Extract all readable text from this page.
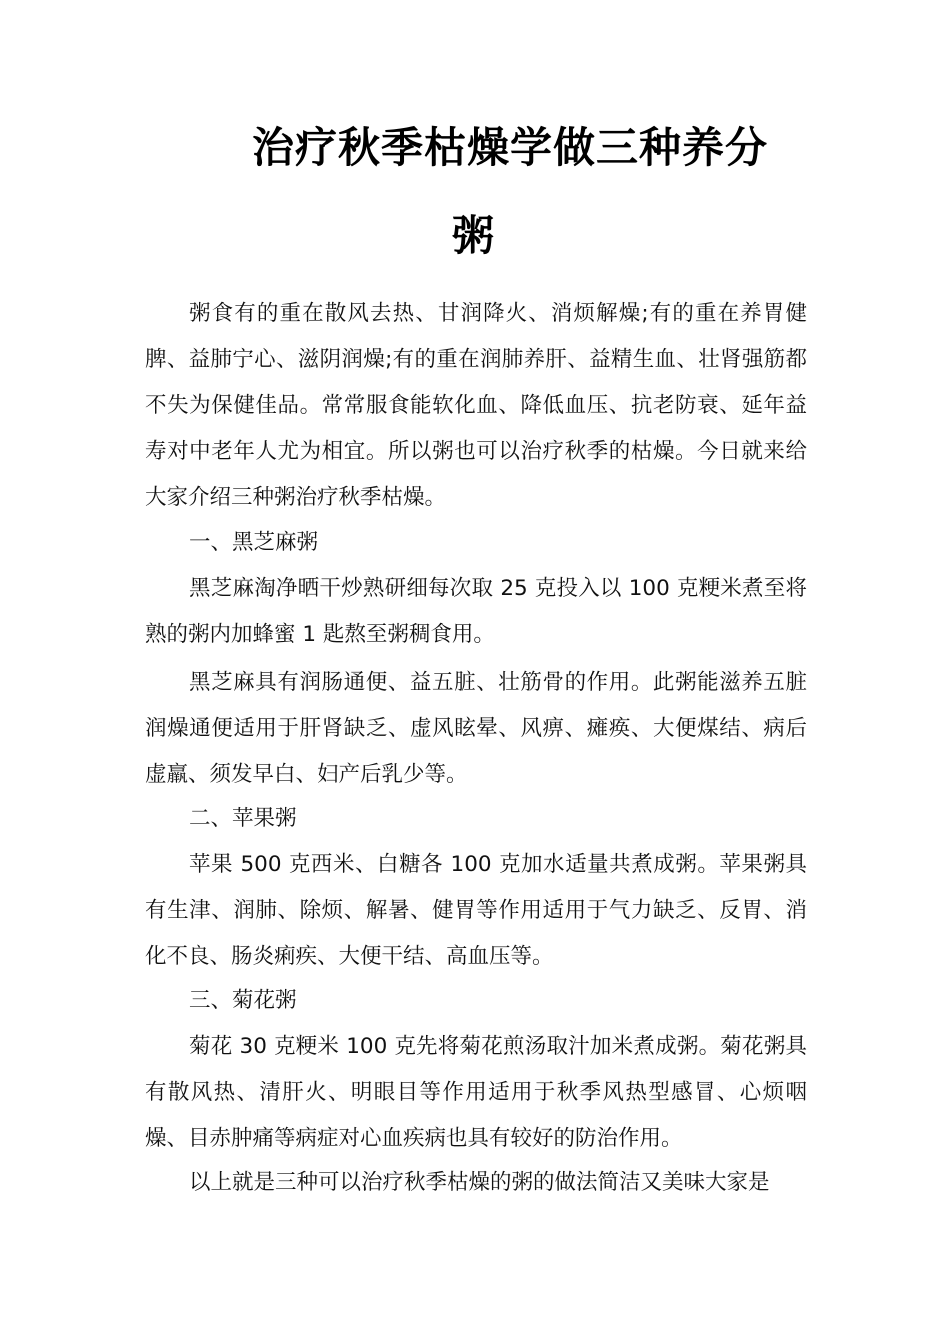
治疗秋季枯燥学做三种养分
粥

粥食有的重在散风去热、甘润降火、消烦解燥;有的重在养胃健脾、益肺宁心、滋阴润燥;有的重在润肺养肝、益精生血、壮肾强筋都不失为保健佳品。常常服食能软化血、降低血压、抗老防衰、延年益寿对中老年人尤为相宜。所以粥也可以治疗秋季的枯燥。今日就来给大家介绍三种粥治疗秋季枯燥。

一、黑芝麻粥

黑芝麻淘净晒干炒熟研细每次取 25 克投入以 100 克粳米煮至将熟的粥内加蜂蜜 1 匙熬至粥稠食用。

黑芝麻具有润肠通便、益五脏、壮筋骨的作用。此粥能滋养五脏润燥通便适用于肝肾缺乏、虚风眩晕、风痹、瘫痪、大便煤结、病后虚羸、须发早白、妇产后乳少等。

二、苹果粥

苹果 500 克西米、白糖各 100 克加水适量共煮成粥。苹果粥具有生津、润肺、除烦、解暑、健胃等作用适用于气力缺乏、反胃、消化不良、肠炎痢疾、大便干结、高血压等。

三、菊花粥

菊花 30 克粳米 100 克先将菊花煎汤取汁加米煮成粥。菊花粥具有散风热、清肝火、明眼目等作用适用于秋季风热型感冒、心烦咽燥、目赤肿痛等病症对心血疾病也具有较好的防治作用。

以上就是三种可以治疗秋季枯燥的粥的做法简洁又美味大家是
